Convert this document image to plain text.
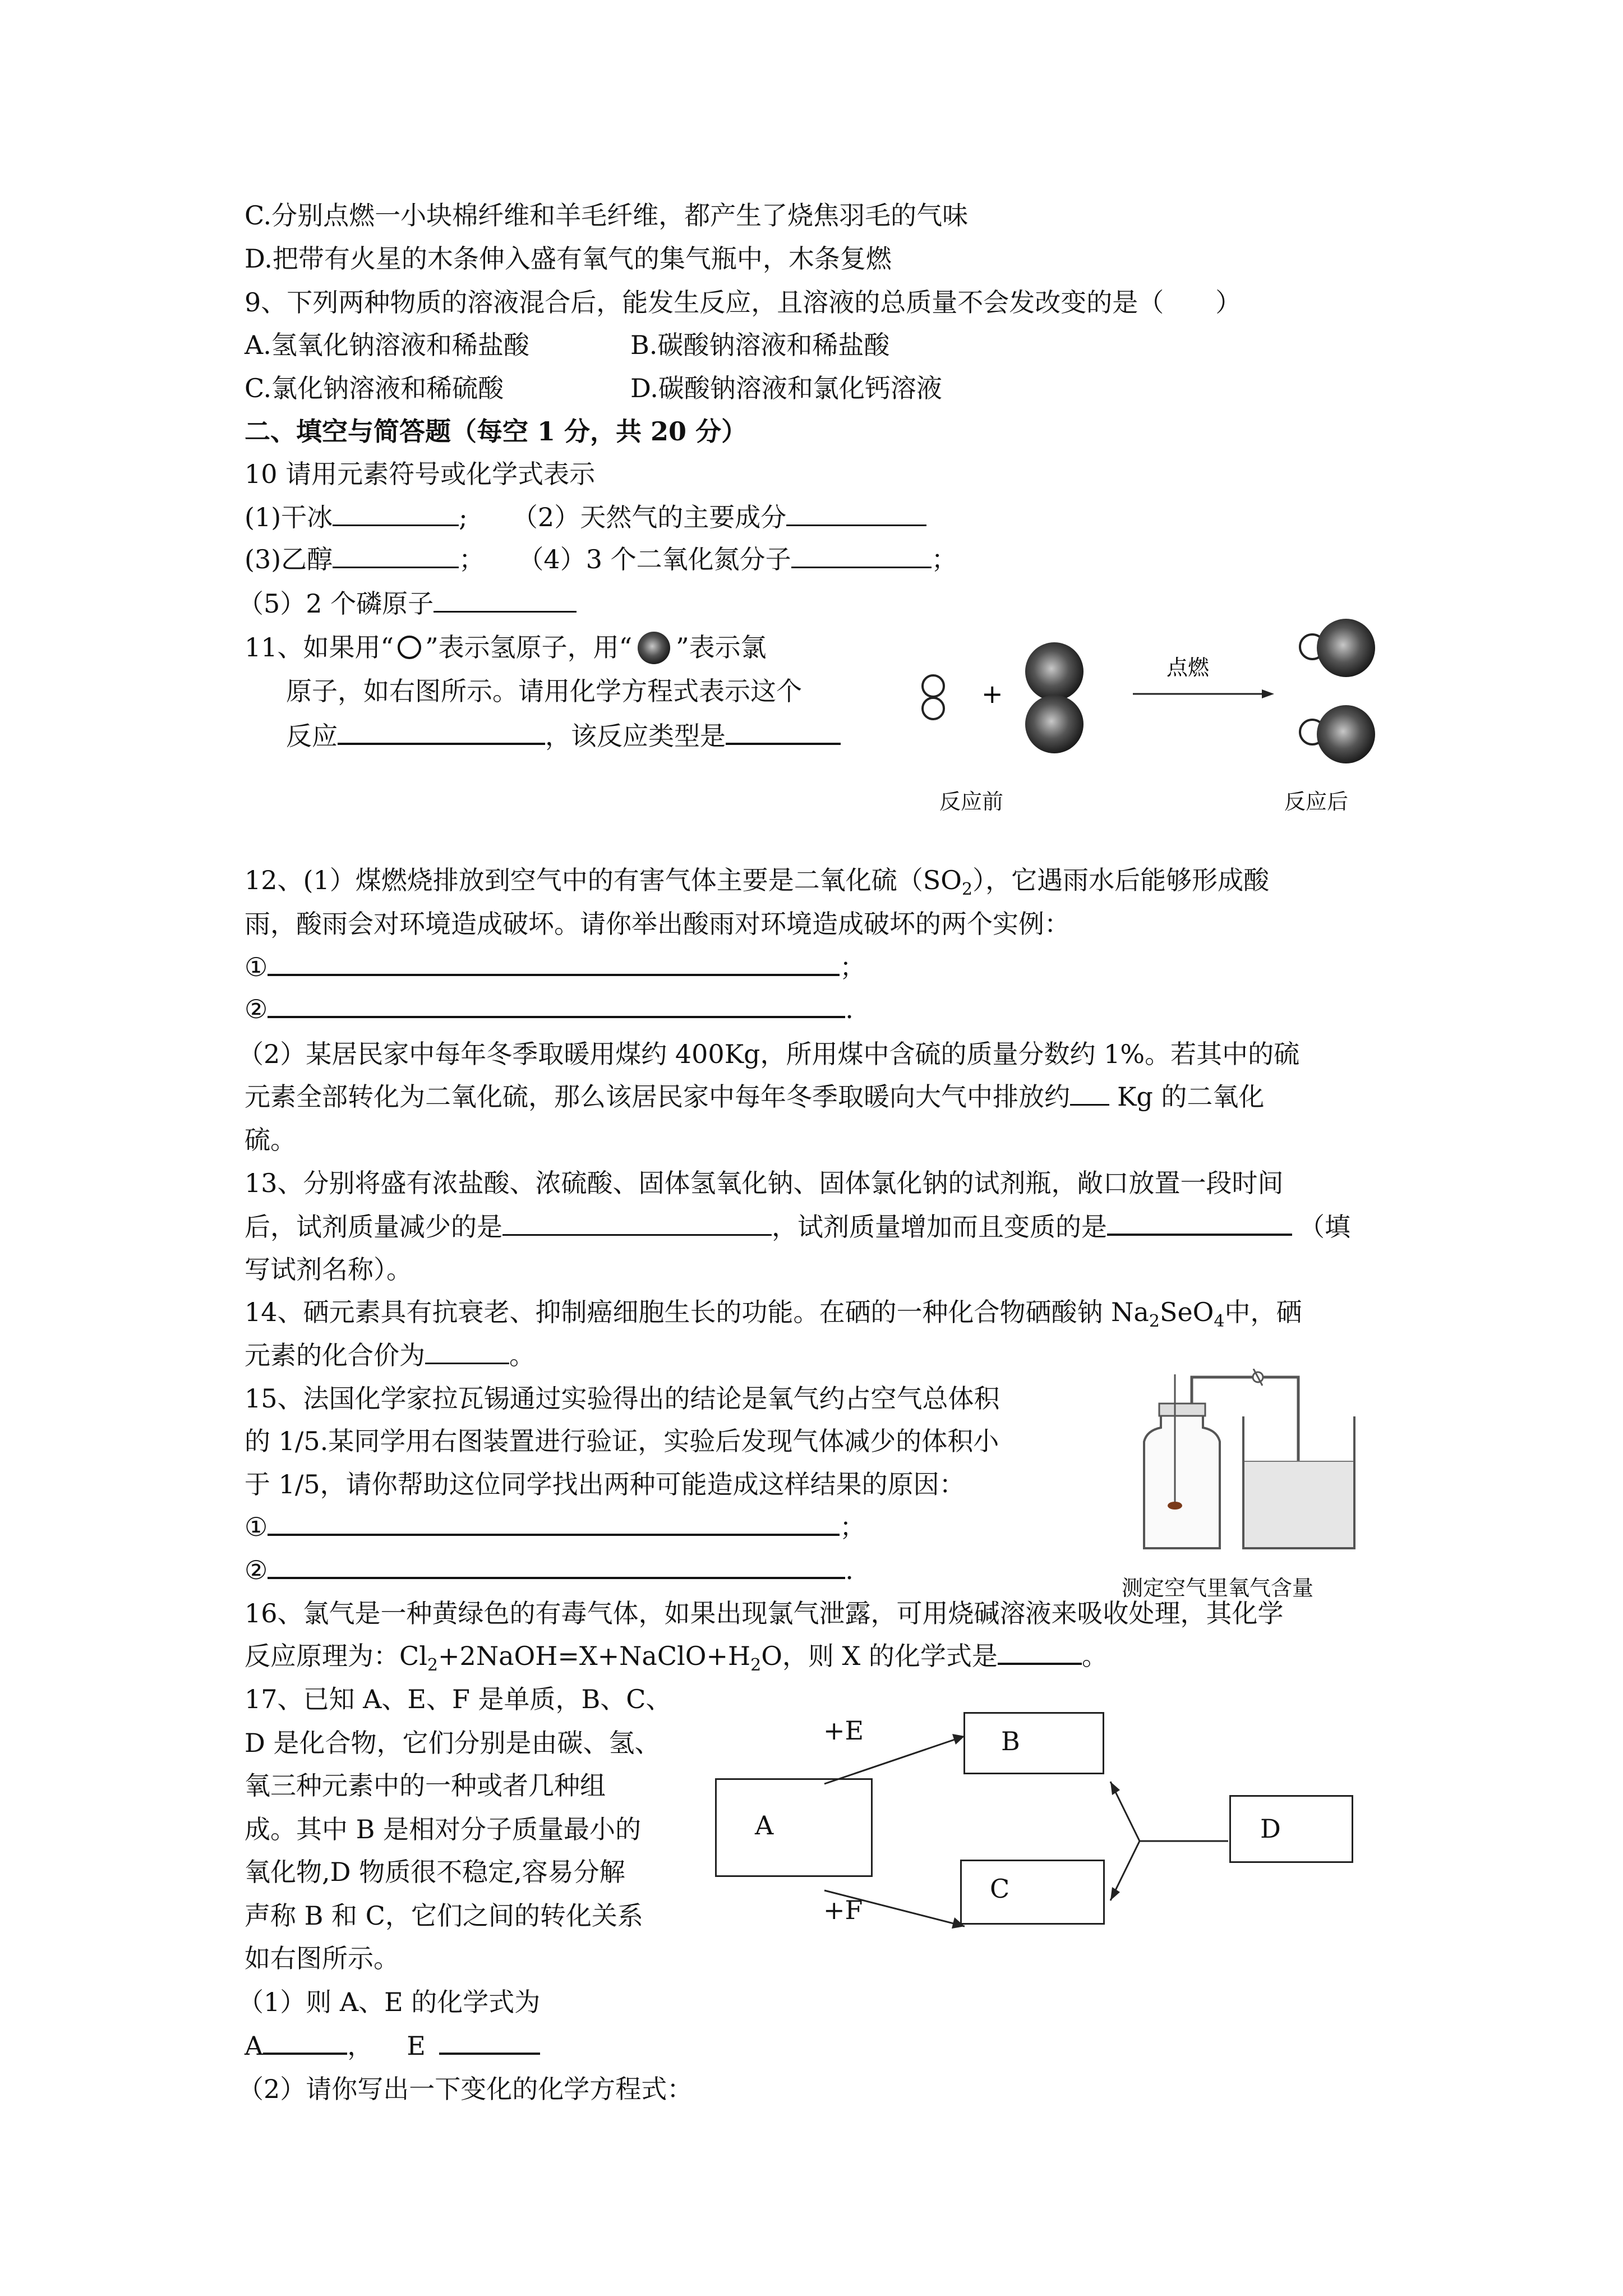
C.分别点燃一小块棉纤维和羊毛纤维，都产生了烧焦羽毛的气味
D.把带有火星的木条伸入盛有氧气的集气瓶中，木条复燃
9、下列两种物质的溶液混合后，能发生反应，且溶液的总质量不会发改变的是（　　）
A.氢氧化钠溶液和稀盐酸	B.碳酸钠溶液和稀盐酸
C.氯化钠溶液和稀硫酸	D.碳酸钠溶液和氯化钙溶液
二、填空与简答题（每空 1 分，共 20 分）
10 请用元素符号或化学式表示
(1)干冰	; （2）天然气的主要成分
(3)乙醇	； （4）3 个二氧化氮分子	；
（5）2 个磷原子
11、如果用“ ”表示氢原子，用“ ”表示氯
原子，如右图所示。请用化学方程式表示这个
反应	，该反应类型是
+
点燃
反应前	反应后
12、(1）煤燃烧排放到空气中的有害气体主要是二氧化硫$(SO_2)$，它遇雨水后能够形成酸
雨，酸雨会对环境造成破坏。请你举出酸雨对环境造成破坏的两个实例：
①	；
②	.
（2）某居民家中每年冬季取暖用煤约 400Kg，所用煤中含硫的质量分数约 1%。若其中的硫
元素全部转化为二氧化硫，那么该居民家中每年冬季取暖向大气中排放约 Kg 的二氧化
硫。
13、分别将盛有浓盐酸、浓硫酸、固体氢氧化钠、固体氯化钠的试剂瓶，敞口放置一段时间
后，试剂质量减少的是	，试剂质量增加而且变质的是	（填
写试剂名称）。
14、硒元素具有抗衰老、抑制癌细胞生长的功能。在硒的一种化合物硒酸钠 $Na_2SeO_4$中，硒
元素的化合价为	。
15、法国化学家拉瓦锡通过实验得出的结论是氧气约占空气总体积
的 1/5.某同学用右图装置进行验证，实验后发现气体减少的体积小
于 1/5，请你帮助这位同学找出两种可能造成这样结果的原因：
①	；
②	.
测定空气里氧气含量
16、氯气是一种黄绿色的有毒气体，如果出现氯气泄露，可用烧碱溶液来吸收处理，其化学
反应原理为：$Cl_2+2NaOH=X+NaClO+H_2O$，则 X 的化学式是	。
17、已知 A、E、F 是单质，B、C、
D 是化合物，它们分别是由碳、氢、
氧三种元素中的一种或者几种组
成。其中 B 是相对分子质量最小的
氧化物,D 物质很不稳定,容易分解
声称 B 和 C，它们之间的转化关系
如右图所示。
（1）则 A、E 的化学式为
A	， E
（2）请你写出一下变化的化学方程式：
A
B
C
D
+E
+F
